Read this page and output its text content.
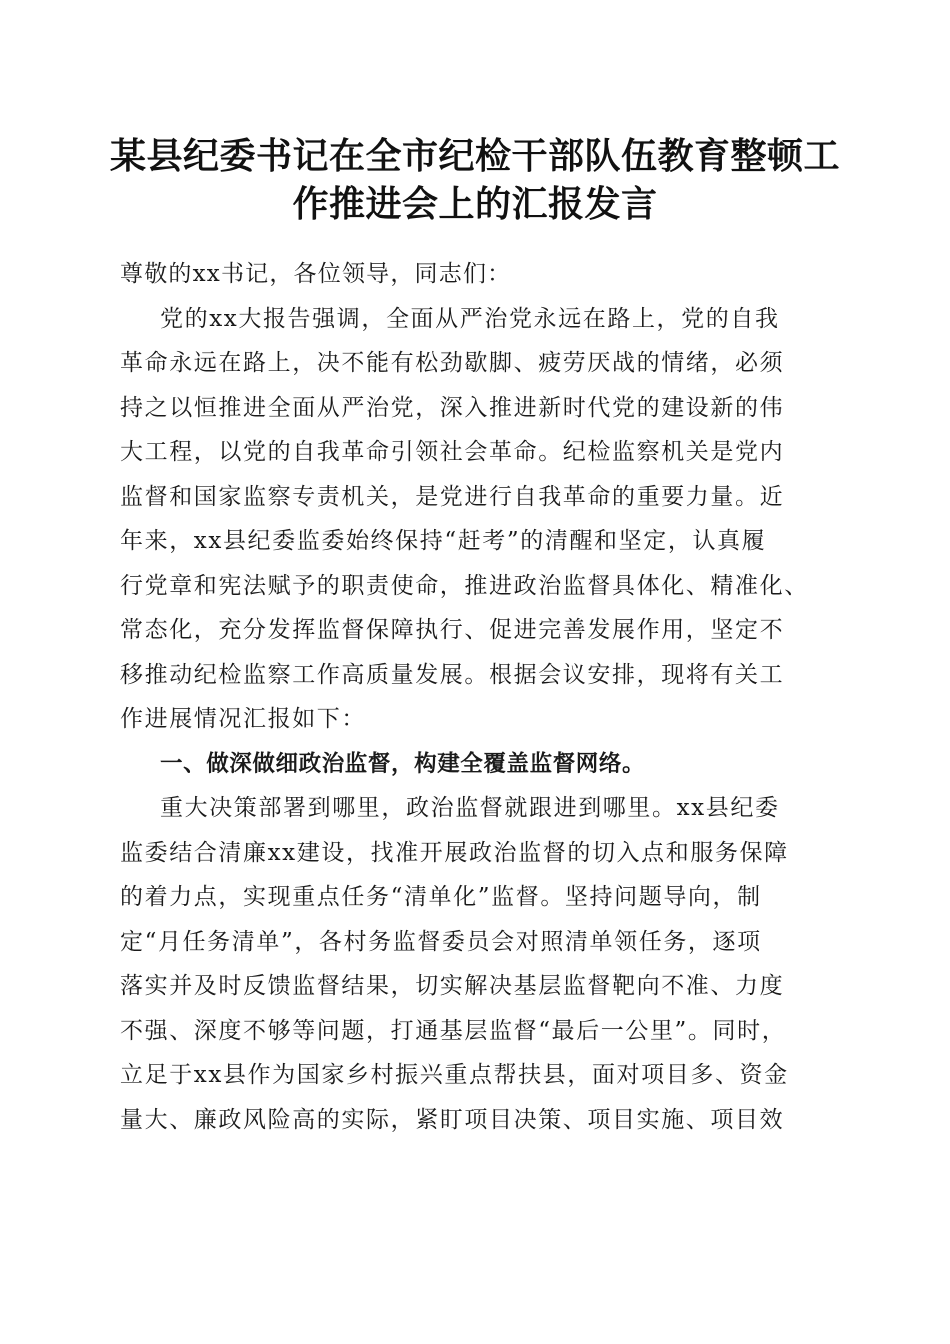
某县纪委书记在全市纪检干部队伍教育整顿工
作推进会上的汇报发言

尊敬的xx书记，各位领导，同志们：

党的xx大报告强调，全面从严治党永远在路上，党的自我

革命永远在路上，决不能有松劲歇脚、疲劳厌战的情绪，必须

持之以恒推进全面从严治党，深入推进新时代党的建设新的伟

大工程，以党的自我革命引领社会革命。纪检监察机关是党内

监督和国家监察专责机关，是党进行自我革命的重要力量。近

年来，xx县纪委监委始终保持“赶考”的清醒和坚定，认真履

行党章和宪法赋予的职责使命，推进政治监督具体化、精准化、

常态化，充分发挥监督保障执行、促进完善发展作用，坚定不

移推动纪检监察工作高质量发展。根据会议安排，现将有关工

作进展情况汇报如下：

一、做深做细政治监督，构建全覆盖监督网络。

重大决策部署到哪里，政治监督就跟进到哪里。xx县纪委

监委结合清廉xx建设，找准开展政治监督的切入点和服务保障

的着力点，实现重点任务“清单化”监督。坚持问题导向，制

定“月任务清单”，各村务监督委员会对照清单领任务，逐项

落实并及时反馈监督结果，切实解决基层监督靶向不准、力度

不强、深度不够等问题，打通基层监督“最后一公里”。同时，

立足于xx县作为国家乡村振兴重点帮扶县，面对项目多、资金

量大、廉政风险高的实际，紧盯项目决策、项目实施、项目效
